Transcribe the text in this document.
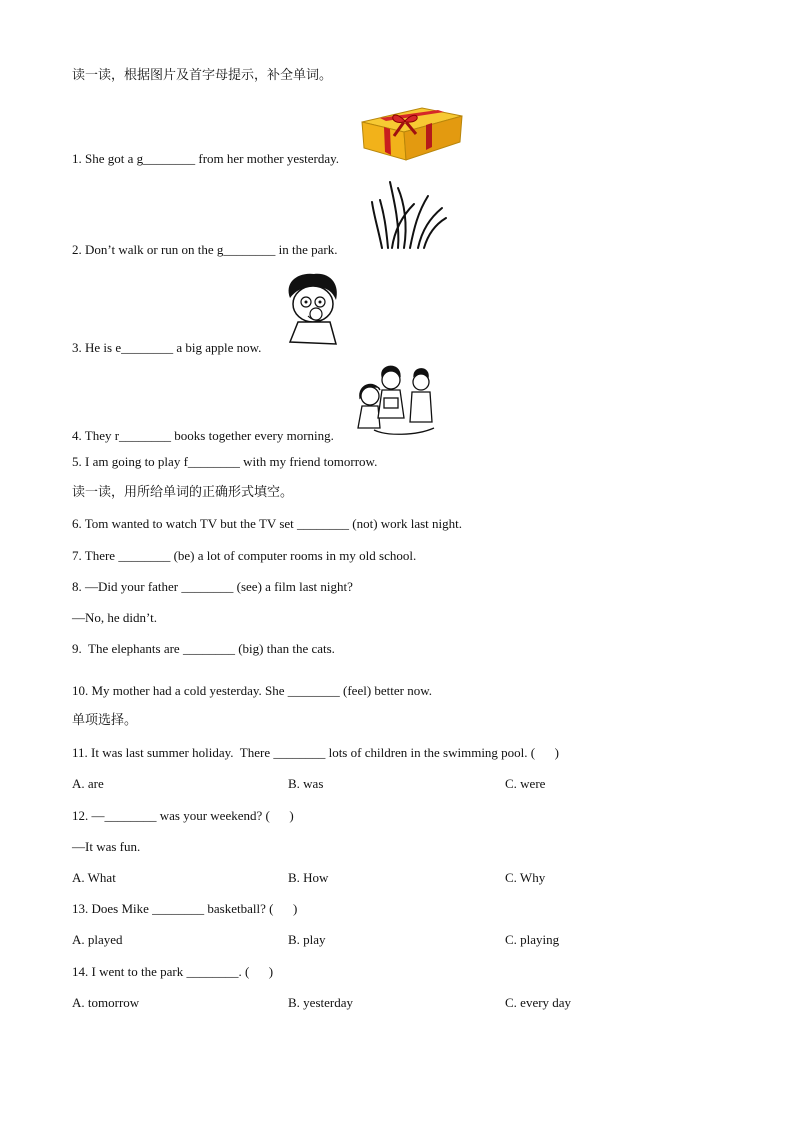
读一读，根据图片及首字母提示，补全单词。
1. She got a g________ from her mother yesterday.
2. Don’t walk or run on the g________ in the park.
3. He is e________ a big apple now.
4. They r________ books together every morning.
5. I am going to play f________ with my friend tomorrow.
读一读，用所给单词的正确形式填空。
6. Tom wanted to watch TV but the TV set ________ (not) work last night.
7. There ________ (be) a lot of computer rooms in my old school.
8. —Did your father ________ (see) a film last night?
—No, he didn’t.
9.  The elephants are ________ (big) than the cats.
10. My mother had a cold yesterday. She ________ (feel) better now.
单项选择。
11. It was last summer holiday.  There ________ lots of children in the swimming pool. (      )
A. are	B. was	C. were
12. —________ was your weekend? (      )
—It was fun.
A. What	B. How	C. Why
13. Does Mike ________ basketball? (      )
A. played	B. play	C. playing
14. I went to the park ________. (      )
A. tomorrow	B. yesterday	C. every day
